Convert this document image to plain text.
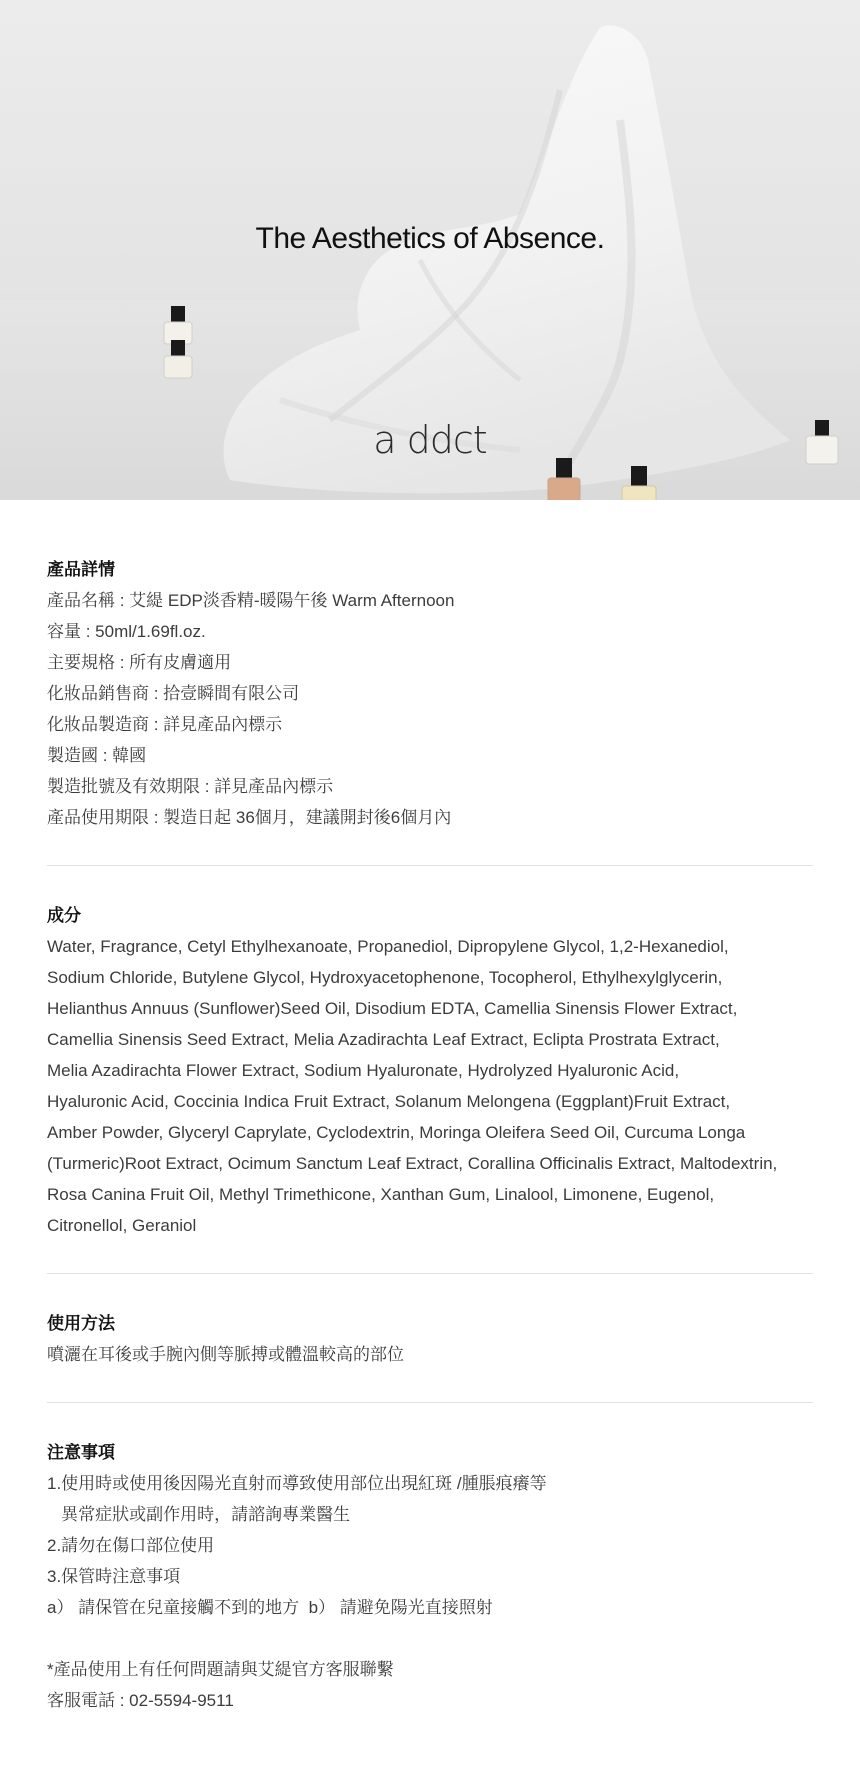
The Aesthetics of Absence.
a ddct
產品詳情
產品名稱 : 艾緹 EDP淡香精-暖陽午後 Warm Afternoon
容量 : 50ml/1.69fl.oz.
主要規格 : 所有皮膚適用
化妝品銷售商 : 拾壹瞬間有限公司
化妝品製造商 : 詳見產品內標示
製造國 : 韓國
製造批號及有效期限 : 詳見產品內標示
產品使用期限 : 製造日起 36個月，建議開封後6個月內
成分
Water, Fragrance, Cetyl Ethylhexanoate, Propanediol, Dipropylene Glycol, 1,2-Hexanediol,
Sodium Chloride, Butylene Glycol, Hydroxyacetophenone, Tocopherol, Ethylhexylglycerin,
Helianthus Annuus (Sunflower)Seed Oil, Disodium EDTA, Camellia Sinensis Flower Extract,
Camellia Sinensis Seed Extract, Melia Azadirachta Leaf Extract, Eclipta Prostrata Extract,
Melia Azadirachta Flower Extract, Sodium Hyaluronate, Hydrolyzed Hyaluronic Acid,
Hyaluronic Acid, Coccinia Indica Fruit Extract, Solanum Melongena (Eggplant)Fruit Extract,
Amber Powder, Glyceryl Caprylate, Cyclodextrin, Moringa Oleifera Seed Oil, Curcuma Longa
(Turmeric)Root Extract, Ocimum Sanctum Leaf Extract, Corallina Officinalis Extract, Maltodextrin,
Rosa Canina Fruit Oil, Methyl Trimethicone, Xanthan Gum, Linalool, Limonene, Eugenol,
Citronellol, Geraniol
使用方法
噴灑在耳後或手腕內側等脈搏或體溫較高的部位
注意事項
1.使用時或使用後因陽光直射而導致使用部位出現紅斑 /腫脹痕癢等
異常症狀或副作用時，請諮詢專業醫生
2.請勿在傷口部位使用
3.保管時注意事項
a） 請保管在兒童接觸不到的地方  b） 請避免陽光直接照射
*產品使用上有任何問題請與艾緹官方客服聯繫
客服電話 : 02-5594-9511
